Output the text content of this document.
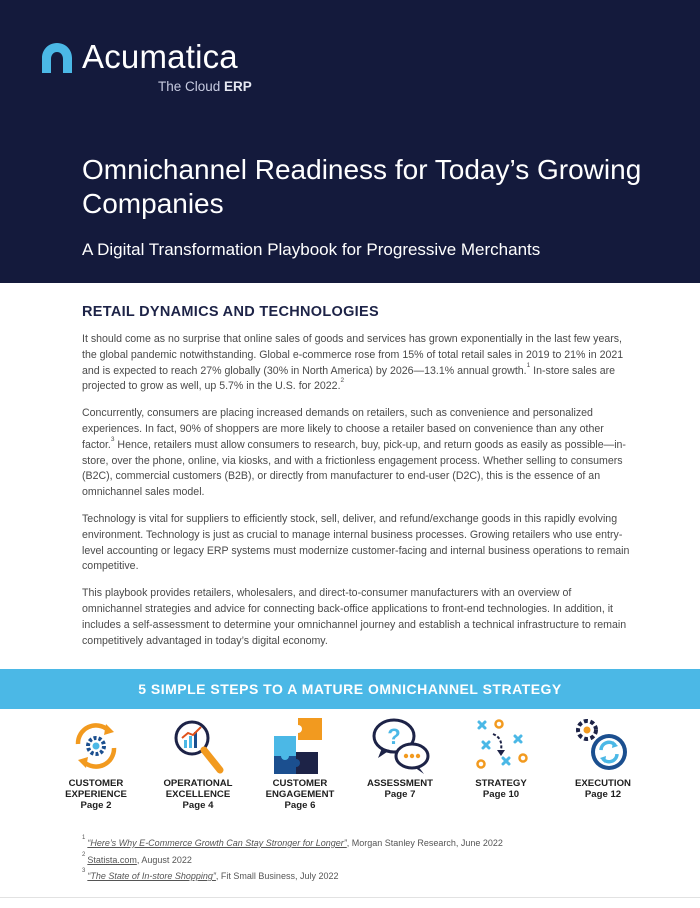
Acumatica
The Cloud ERP
Omnichannel Readiness for Today’s Growing Companies
A Digital Transformation Playbook for Progressive Merchants
RETAIL DYNAMICS AND TECHNOLOGIES

It should come as no surprise that online sales of goods and services has grown exponentially in the last few years, the global pandemic notwithstanding. Global e-commerce rose from 15% of total retail sales in 2019 to 21% in 2021 and is expected to reach 27% globally (30% in North America) by 2026—13.1% annual growth.$^1$ In-store sales are projected to grow as well, up 5.7% in the U.S. for 2022.$^2$

Concurrently, consumers are placing increased demands on retailers, such as convenience and personalized experiences. In fact, 90% of shoppers are more likely to choose a retailer based on convenience than any other factor.$^3$ Hence, retailers must allow consumers to research, buy, pick-up, and return goods as easily as possible—in-store, over the phone, online, via kiosks, and with a frictionless engagement process. Whether selling to consumers (B2C), commercial customers (B2B), or directly from manufacturer to end-user (D2C), this is the essence of an omnichannel sales model.

Technology is vital for suppliers to efficiently stock, sell, deliver, and refund/exchange goods in this rapidly evolving environment. Technology is just as crucial to manage internal business processes. Growing retailers who use entry-level accounting or legacy ERP systems must modernize customer-facing and internal business operations to remain competitive.

This playbook provides retailers, wholesalers, and direct-to-consumer manufacturers with an overview of omnichannel strategies and advice for connecting back-office applications to front-end technologies. In addition, it includes a self-assessment to determine your omnichannel journey and establish a technical infrastructure to remain competitively advantaged in today’s digital economy.

5 SIMPLE STEPS TO A MATURE OMNICHANNEL STRATEGY
CUSTOMER
EXPERIENCE
Page 2
OPERATIONAL
EXCELLENCE
Page 4
CUSTOMER
ENGAGEMENT
Page 6
?
ASSESSMENT
Page 7
STRATEGY
Page 10
EXECUTION
Page 12
$^1$ “Here’s Why E-Commerce Growth Can Stay Stronger for Longer”, Morgan Stanley Research, June 2022
$^2$ Statista.com, August 2022
$^3$ “The State of In-store Shopping”, Fit Small Business, July 2022
